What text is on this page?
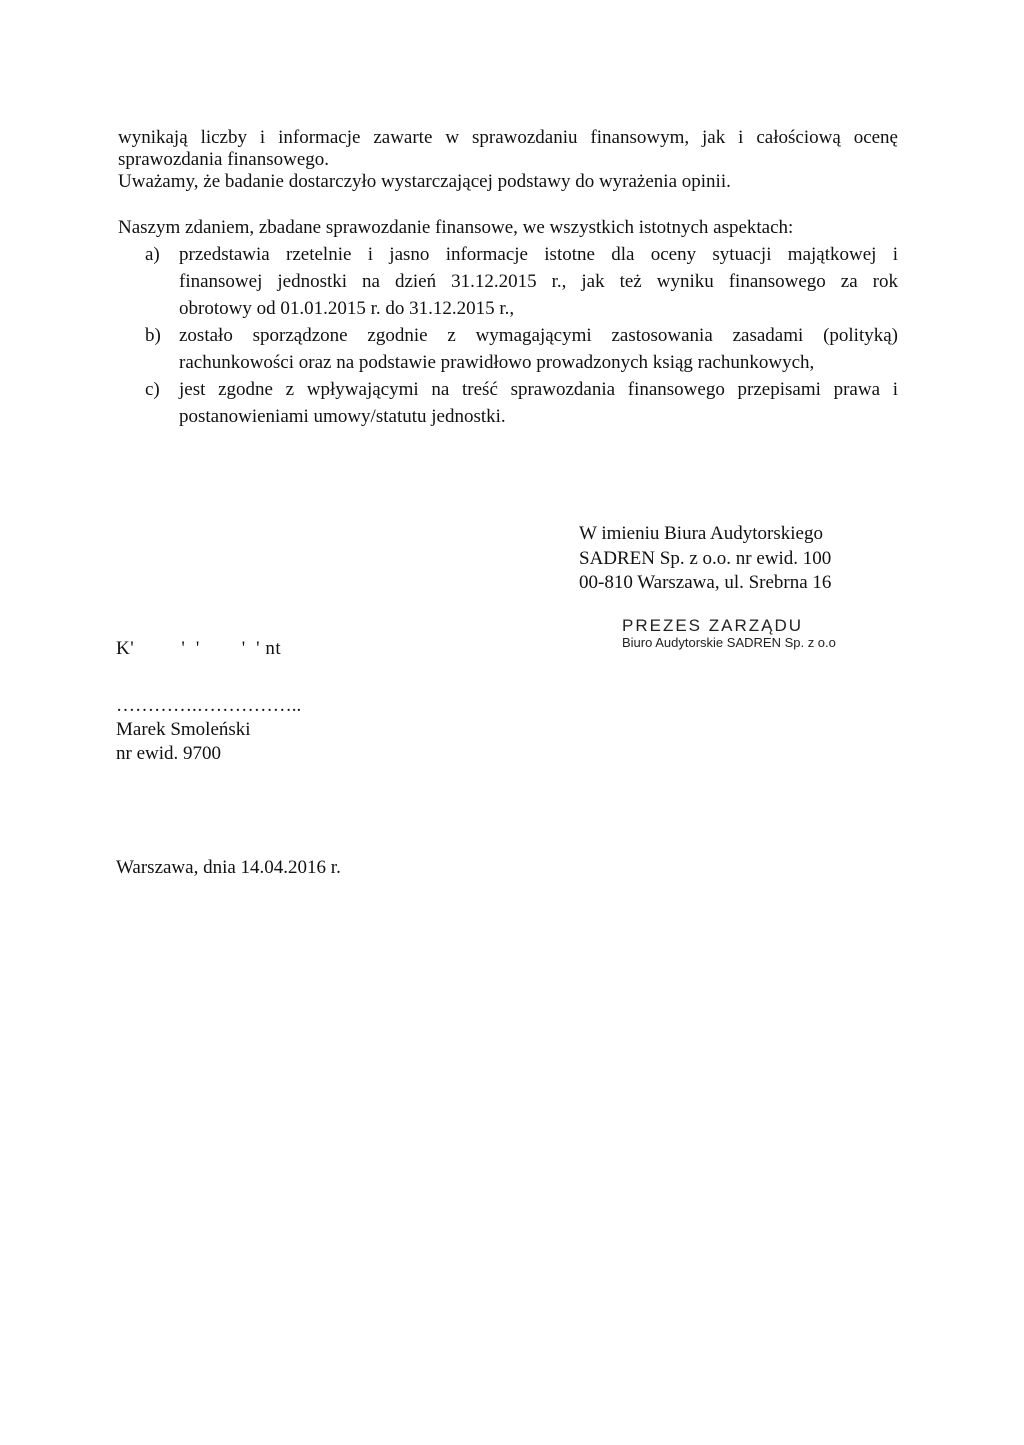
wynikają liczby i informacje zawarte w sprawozdaniu finansowym, jak i całościową ocenę
sprawozdania finansowego.
Uważamy, że badanie dostarczyło wystarczającej podstawy do wyrażenia opinii.
Naszym zdaniem, zbadane sprawozdanie finansowe, we wszystkich istotnych aspektach:
a)	przedstawia rzetelnie i jasno informacje istotne dla oceny sytuacji majątkowej i
finansowej jednostki na dzień 31.12.2015 r., jak też wyniku finansowego za rok
obrotowy od 01.01.2015 r. do 31.12.2015 r.,
b) zostało sporządzone zgodnie z wymagającymi zastosowania zasadami (polityką)
rachunkowości oraz na podstawie prawidłowo prowadzonych ksiąg rachunkowych,
c)	jest zgodne z wpływającymi na treść sprawozdania finansowego przepisami prawa i
postanowieniami umowy/statutu jednostki.
W imieniu Biura Audytorskiego
SADREN Sp. z o.o. nr ewid. 100
00-810 Warszawa, ul. Srebrna 16
PREZES ZARZĄDU
Biuro Audytorskie SADREN Sp. z o.o
K'         '  '        '  ' nt
………….……………..
Marek Smoleński
nr ewid. 9700
Warszawa, dnia 14.04.2016 r.
